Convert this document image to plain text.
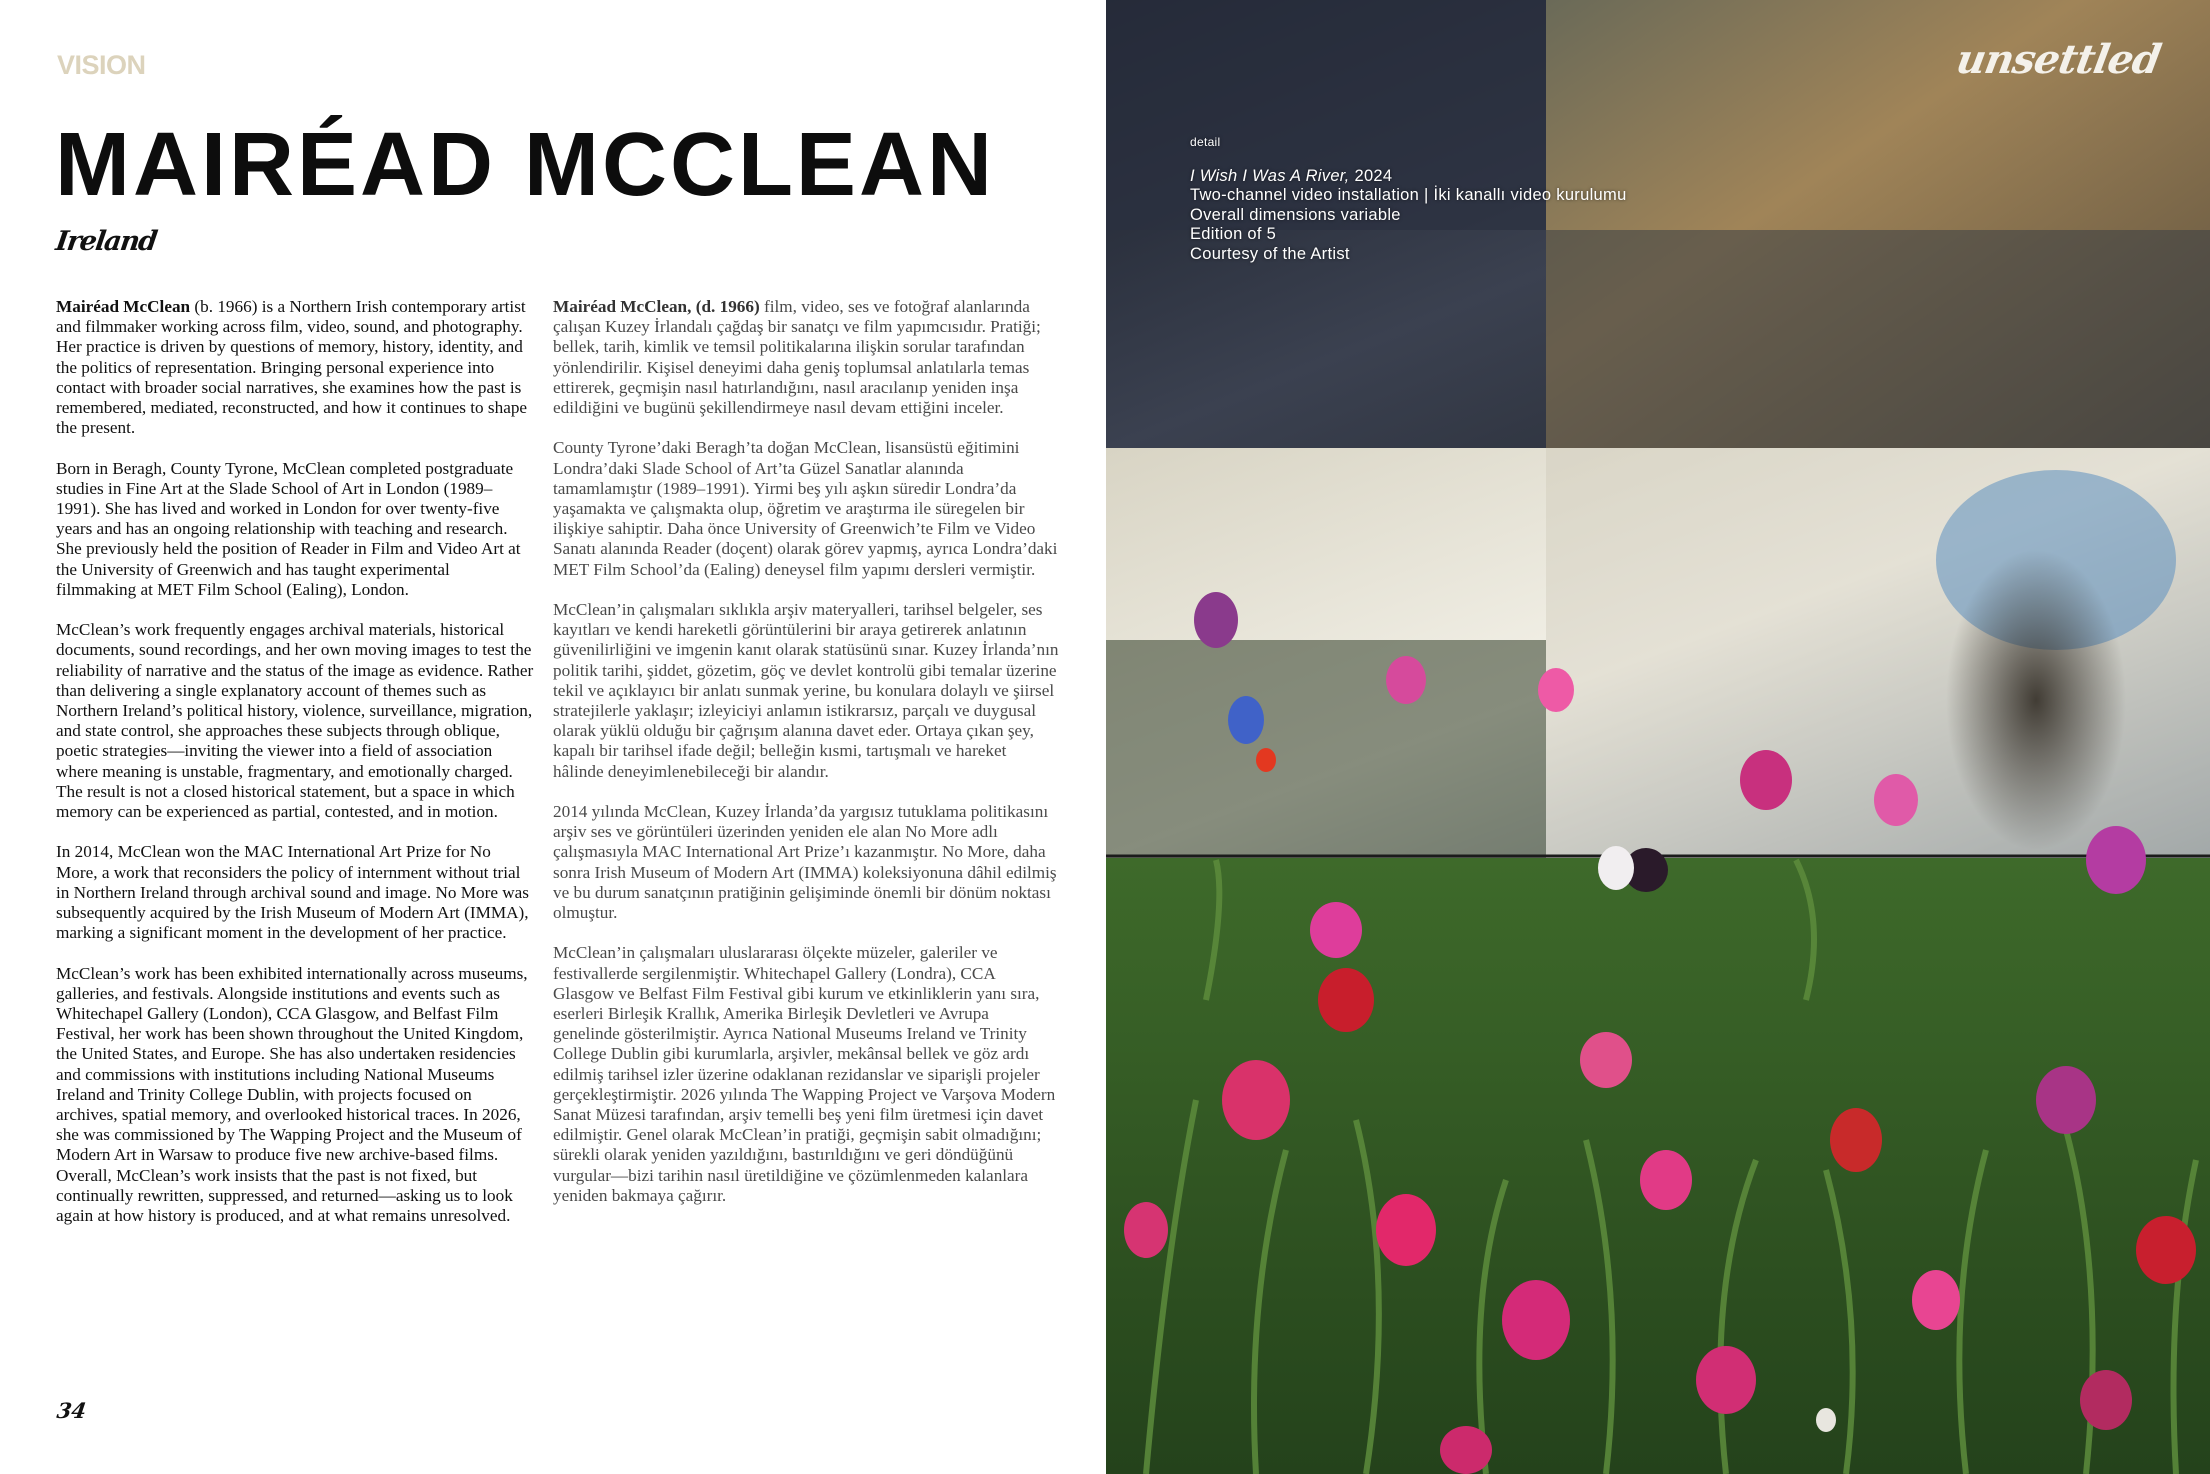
VISION
MAIRÉAD MCCLEAN
Ireland

Mairéad McClean (b. 1966) is a Northern Irish contemporary artist and filmmaker working across film, video, sound, and photography. Her practice is driven by questions of memory, history, identity, and the politics of representation. Bringing personal experience into contact with broader social narratives, she examines how the past is remembered, mediated, reconstructed, and how it continues to shape the present.

Born in Beragh, County Tyrone, McClean completed postgraduate studies in Fine Art at the Slade School of Art in London (1989–1991). She has lived and worked in London for over twenty-five years and has an ongoing relationship with teaching and research. She previously held the position of Reader in Film and Video Art at the University of Greenwich and has taught experimental filmmaking at MET Film School (Ealing), London.

McClean’s work frequently engages archival materials, historical documents, sound recordings, and her own moving images to test the reliability of narrative and the status of the image as evidence. Rather than delivering a single explanatory account of themes such as Northern Ireland’s political history, violence, surveillance, migration, and state control, she approaches these subjects through oblique, poetic strategies—inviting the viewer into a field of association where meaning is unstable, fragmentary, and emotionally charged. The result is not a closed historical statement, but a space in which memory can be experienced as partial, contested, and in motion.

In 2014, McClean won the MAC International Art Prize for No More, a work that reconsiders the policy of internment without trial in Northern Ireland through archival sound and image. No More was subsequently acquired by the Irish Museum of Modern Art (IMMA), marking a significant moment in the development of her practice.

McClean’s work has been exhibited internationally across museums, galleries, and festivals. Alongside institutions and events such as Whitechapel Gallery (London), CCA Glasgow, and Belfast Film Festival, her work has been shown throughout the United Kingdom, the United States, and Europe. She has also undertaken residencies and commissions with institutions including National Museums Ireland and Trinity College Dublin, with projects focused on archives, spatial memory, and overlooked historical traces. In 2026, she was commissioned by The Wapping Project and the Museum of Modern Art in Warsaw to produce five new archive-based films. Overall, McClean’s work insists that the past is not fixed, but continually rewritten, suppressed, and returned—asking us to look again at how history is produced, and at what remains unresolved.

Mairéad McClean, (d. 1966) film, video, ses ve fotoğraf alanlarında çalışan Kuzey İrlandalı çağdaş bir sanatçı ve film yapımcısıdır. Pratiği; bellek, tarih, kimlik ve temsil politikalarına ilişkin sorular tarafından yönlendirilir. Kişisel deneyimi daha geniş toplumsal anlatılarla temas ettirerek, geçmişin nasıl hatırlandığını, nasıl aracılanıp yeniden inşa edildiğini ve bugünü şekillendirmeye nasıl devam ettiğini inceler.

County Tyrone’daki Beragh’ta doğan McClean, lisansüstü eğitimini Londra’daki Slade School of Art’ta Güzel Sanatlar alanında tamamlamıştır (1989–1991). Yirmi beş yılı aşkın süredir Londra’da yaşamakta ve çalışmakta olup, öğretim ve araştırma ile süregelen bir ilişkiye sahiptir. Daha önce University of Greenwich’te Film ve Video Sanatı alanında Reader (doçent) olarak görev yapmış, ayrıca Londra’daki MET Film School’da (Ealing) deneysel film yapımı dersleri vermiştir.

McClean’in çalışmaları sıklıkla arşiv materyalleri, tarihsel belgeler, ses kayıtları ve kendi hareketli görüntülerini bir araya getirerek anlatının güvenilirliğini ve imgenin kanıt olarak statüsünü sınar. Kuzey İrlanda’nın politik tarihi, şiddet, gözetim, göç ve devlet kontrolü gibi temalar üzerine tekil ve açıklayıcı bir anlatı sunmak yerine, bu konulara dolaylı ve şiirsel stratejilerle yaklaşır; izleyiciyi anlamın istikrarsız, parçalı ve duygusal olarak yüklü olduğu bir çağrışım alanına davet eder. Ortaya çıkan şey, kapalı bir tarihsel ifade değil; belleğin kısmi, tartışmalı ve hareket hâlinde deneyimlenebileceği bir alandır.

2014 yılında McClean, Kuzey İrlanda’da yargısız tutuklama politikasını arşiv ses ve görüntüleri üzerinden yeniden ele alan No More adlı çalışmasıyla MAC International Art Prize’ı kazanmıştır. No More, daha sonra Irish Museum of Modern Art (IMMA) koleksiyonuna dâhil edilmiş ve bu durum sanatçının pratiğinin gelişiminde önemli bir dönüm noktası olmuştur.

McClean’in çalışmaları uluslararası ölçekte müzeler, galeriler ve festivallerde sergilenmiştir. Whitechapel Gallery (Londra), CCA Glasgow ve Belfast Film Festival gibi kurum ve etkinliklerin yanı sıra, eserleri Birleşik Krallık, Amerika Birleşik Devletleri ve Avrupa genelinde gösterilmiştir. Ayrıca National Museums Ireland ve Trinity College Dublin gibi kurumlarla, arşivler, mekânsal bellek ve göz ardı edilmiş tarihsel izler üzerine odaklanan rezidanslar ve siparişli projeler gerçekleştirmiştir. 2026 yılında The Wapping Project ve Varşova Modern Sanat Müzesi tarafından, arşiv temelli beş yeni film üretmesi için davet edilmiştir. Genel olarak McClean’in pratiği, geçmişin sabit olmadığını; sürekli olarak yeniden yazıldığını, bastırıldığını ve geri döndüğünü vurgular—bizi tarihin nasıl üretildiğine ve çözümlenmeden kalanlara yeniden bakmaya çağırır.

34
unsettled
detail
I Wish I Was A River, 2024
Two-channel video installation | İki kanallı video kurulumu
Overall dimensions variable
Edition of 5
Courtesy of the Artist
